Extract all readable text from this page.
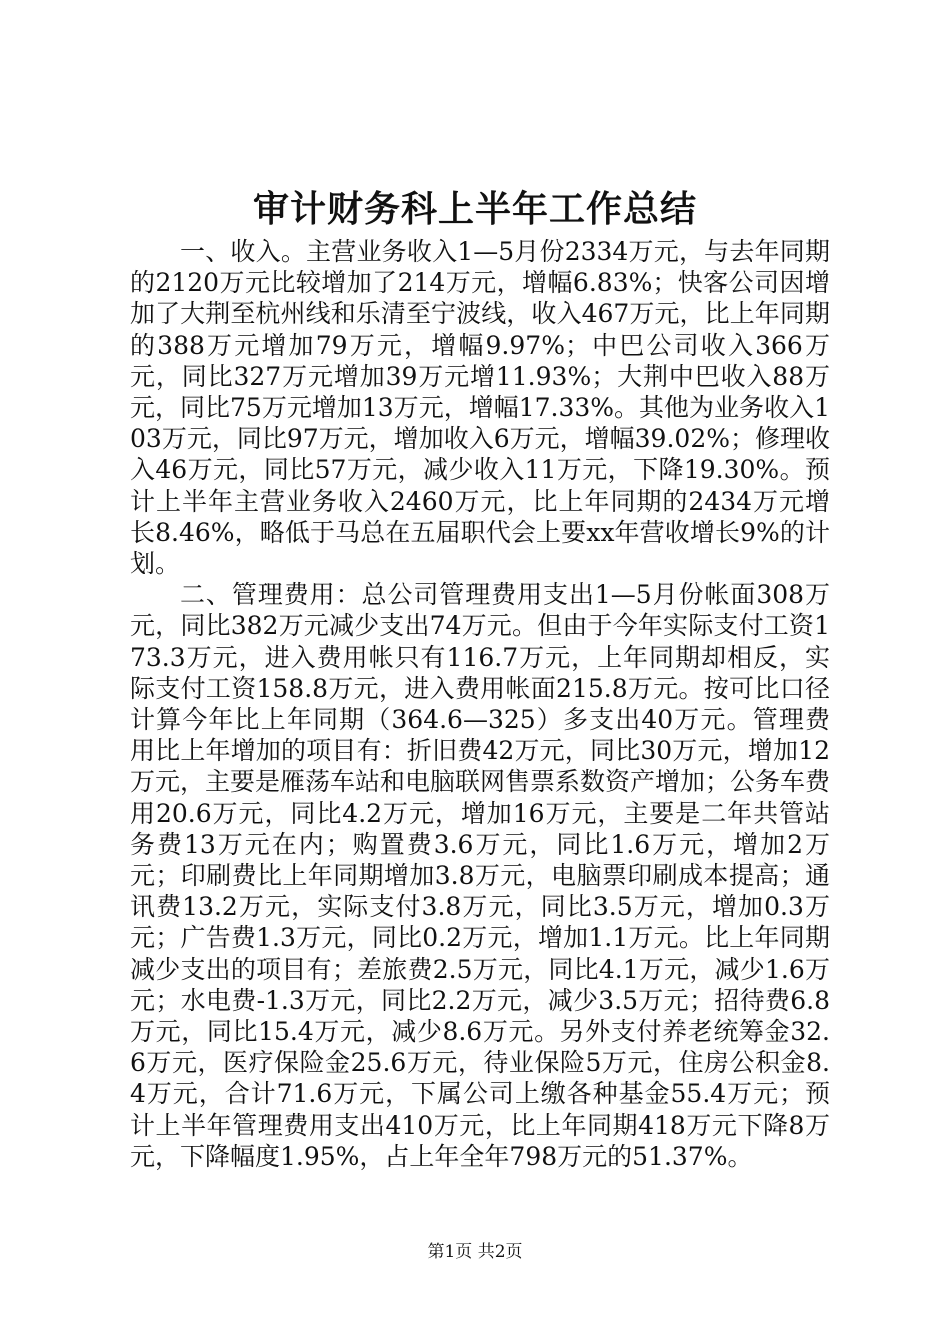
审计财务科上半年工作总结

一、收入。主营业务收入1—5月份2334万元，与去年同期的2120万元比较增加了214万元，增幅6.83%；快客公司因增加了大荆至杭州线和乐清至宁波线，收入467万元，比上年同期的388万元增加79万元，增幅9.97%；中巴公司收入366万元，同比327万元增加39万元增11.93%；大荆中巴收入88万元，同比75万元增加13万元，增幅17.33%。其他为业务收入103万元，同比97万元，增加收入6万元，增幅39.02%；修理收入46万元，同比57万元，减少收入11万元，下降19.30%。预计上半年主营业务收入2460万元，比上年同期的2434万元增长8.46%，略低于马总在五届职代会上要xx年营收增长9%的计划。

二、管理费用：总公司管理费用支出1—5月份帐面308万元，同比382万元减少支出74万元。但由于今年实际支付工资173.3万元，进入费用帐只有116.7万元，上年同期却相反，实际支付工资158.8万元，进入费用帐面215.8万元。按可比口径计算今年比上年同期（364.6—325）多支出40万元。管理费用比上年增加的项目有：折旧费42万元，同比30万元，增加12万元，主要是雁荡车站和电脑联网售票系数资产增加；公务车费用20.6万元，同比4.2万元，增加16万元，主要是二年共管站务费13万元在内；购置费3.6万元，同比1.6万元，增加2万元；印刷费比上年同期增加3.8万元，电脑票印刷成本提高；通讯费13.2万元，实际支付3.8万元，同比3.5万元，增加0.3万元；广告费1.3万元，同比0.2万元，增加1.1万元。比上年同期减少支出的项目有；差旅费2.5万元，同比4.1万元，减少1.6万元；水电费-1.3万元，同比2.2万元，减少3.5万元；招待费6.8万元，同比15.4万元，减少8.6万元。另外支付养老统筹金32.6万元，医疗保险金25.6万元，待业保险5万元，住房公积金8.4万元，合计71.6万元，下属公司上缴各种基金55.4万元；预计上半年管理费用支出410万元，比上年同期418万元下降8万元，下降幅度1.95%，占上年全年798万元的51.37%。

第1页 共2页
